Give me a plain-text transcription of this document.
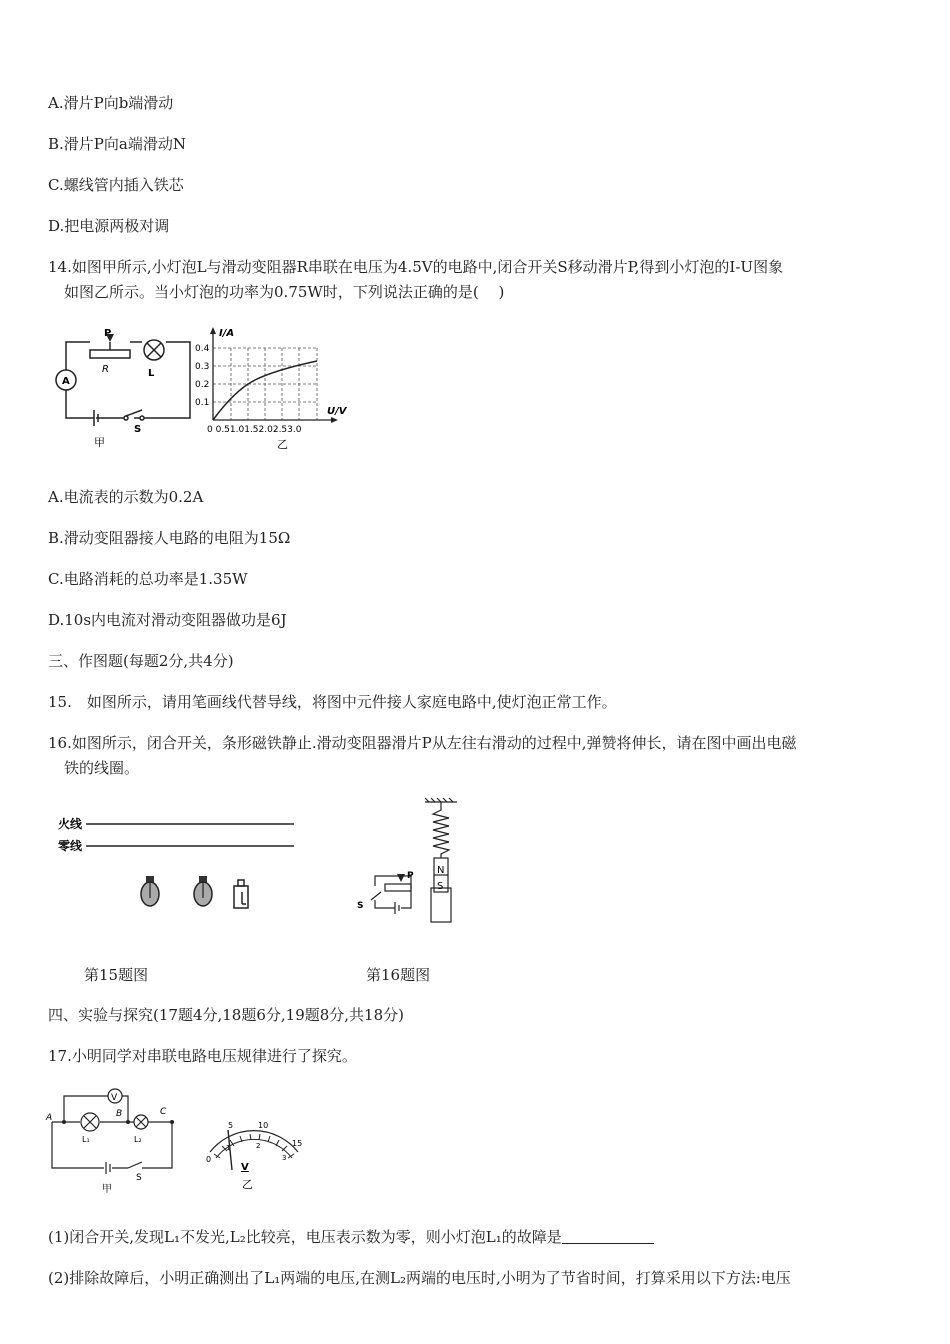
A.滑片P向b端滑动
B.滑片P向a端滑动N
C.螺线管内插入铁芯
D.把电源两极对调
14.如图甲所示,小灯泡L与滑动变阻器R串联在电压为4.5V的电路中,闭合开关S移动滑片P,得到小灯泡的I-U图象
如图乙所示。当小灯泡的功率为0.75W时，下列说法正确的是(　 )
P
R	L
A
S
甲
I/A
U/V
0.4
0.3
0.2
0.1
0 0.51.01.52.02.53.0
乙
A.电流表的示数为0.2A
B.滑动变阻器接人电路的电阻为15Ω
C.电路消耗的总功率是1.35W
D.10s内电流对滑动变阻器做功是6J
三、作图题(每题2分,共4分)
15.　如图所示，请用笔画线代替导线，将图中元件接人家庭电路中,使灯泡正常工作。
16.如图所示，闭合开关，条形磁铁静止.滑动变阻器滑片P从左往右滑动的过程中,弹赞将伸长，请在图中画出电磁
铁的线圈。
火线
零线
N
S
P
S
第15题图	第16题图
四、实验与探究(17题4分,18题6分,19题8分,共18分)
17.小明同学对串联电路电压规律进行了探究。
V
A	B	C
L₁	L₂
S
甲
0
5	10
15
1	2
3
V
乙
(1)闭合开关,发现L₁不发光,L₂比较亮，电压表示数为零，则小灯泡L₁的故障是
(2)排除故障后，小明正确测出了L₁两端的电压,在测L₂两端的电压时,小明为了节省时间，打算采用以下方法:电压
